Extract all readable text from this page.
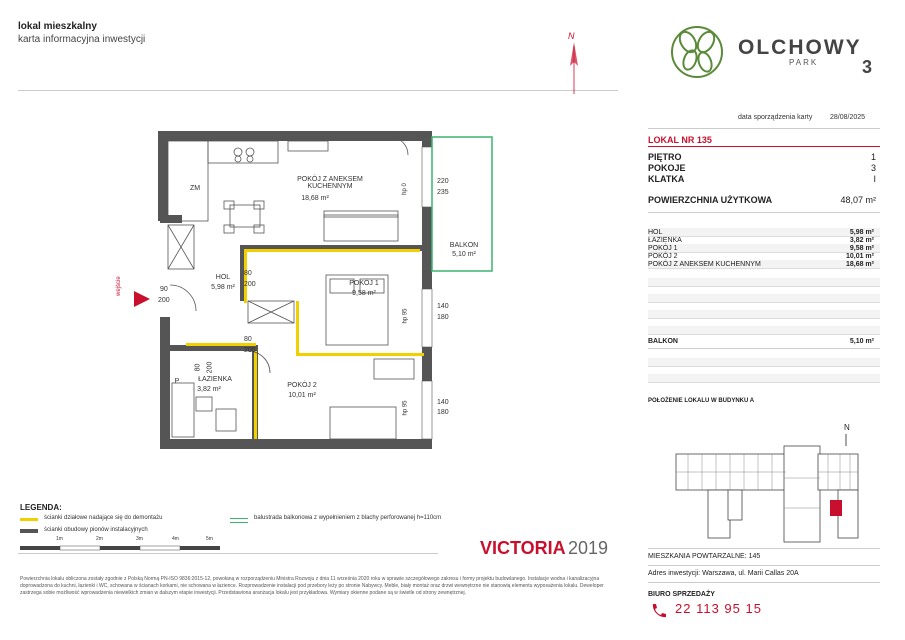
lokal mieszkalny
karta informacyjna inwestycji	N	OLCHOWY
PARK 3
data sporządzenia karty	28/08/2025
LOKAL NR 135
PIĘTRO	1
POKOJE	3
KLATKA	I
POWIERZCHNIA UŻYTKOWA	48,07 m²
HOL	5,98 m²
ŁAZIENKA	3,82 m²
POKÓJ 1	9,58 m²
POKÓJ 2	10,01 m²
POKÓJ Z ANEKSEM KUCHENNYM	18,68 m²
BALKON	5,10 m²
POŁOŻENIE LOKALU W BUDYNKU A
N
MIESZKANIA POWTARZALNE: 145
Adres inwestycji: Warszawa, ul. Marii Callas 20A
BIURO SPRZEDAŻY
22 113 95 15
POKÓJ Z ANEKSEM
KUCHENNYM
18,68 m²
POKÓJ 1
9,58 m²
POKÓJ 2
10,01 m²
HOL
5,98 m²
ŁAZIENKA
3,82 m²
BALKON
5,10 m²
ZM
P
wejście
220
235
140
180
140
180
80
200
80
200
90
200
80 200
hp 0
hp 95
hp 95
LEGENDA:
ścianki działowe nadające się do demontażu
ścianki obudowy pionów instalacyjnych
balustrada balkonowa z wypełnieniem z blachy perforowanej h=110cm
1m	2m	3m	4m	5m	VICTORIA 2019
Powierzchnia lokalu obliczona zostały zgodnie z Polską Normą PN-ISO 9836:2015-12, powołaną w rozporządzeniu Ministra Rozwoju z dnia 11 września 2020 roku w sprawie szczegółowego zakresu i formy projektu budowlanego. Instalacje wodna i kanalizacyjna doprowadzona do kuchni, łazienki i WC, schowana w ścianach korkami, nie schowana w łazience. Rozprowadzenie instalacji pod przebory leży po stronie Nabywcy. Meble, biały montaż oraz drzwi wewnętrzne nie stanowią elementu wyposażenia lokalu. Deweloper zastrzega sobie możliwość wprowadzenia niewielkich zmian w dalszym etapie inwestycji. Przedstawiona aranżacja lokalu jest przykładowa. Wymiary okienne podane są w świetle od strony zewnętrznej.
